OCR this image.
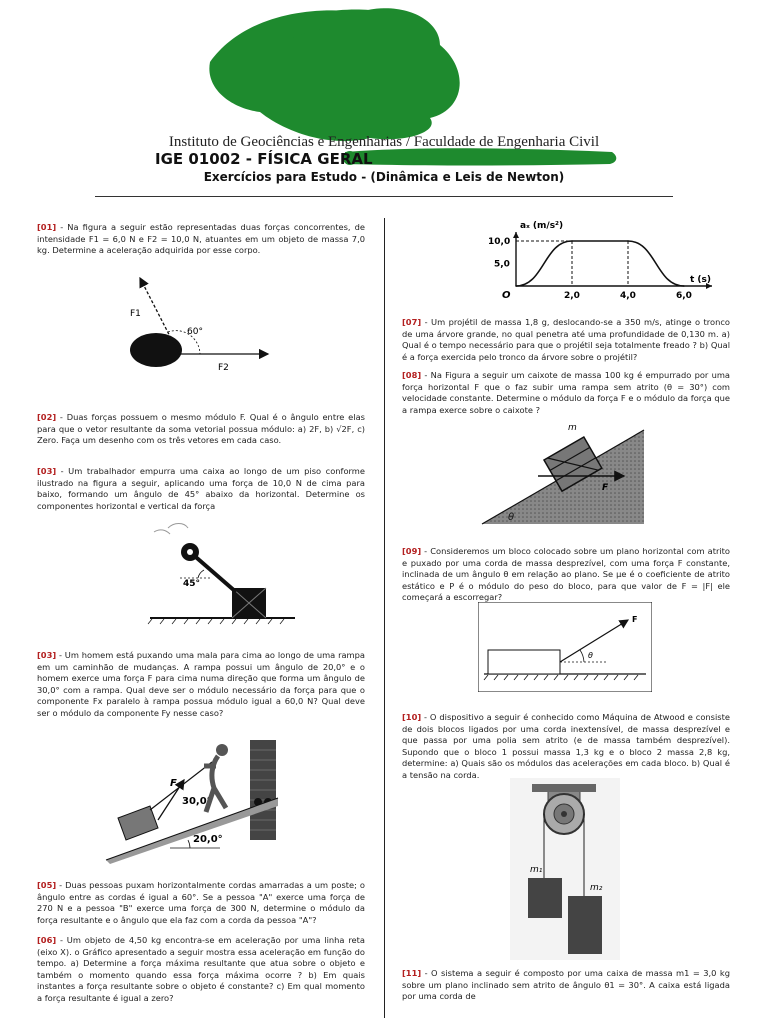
Instituto de Geociências e Engenharias / Faculdade de Engenharia Civil
IGE 01002 - FÍSICA GERAL
Exercícios para Estudo - (Dinâmica e Leis de Newton)
[01] - Na figura a seguir estão representadas duas forças concorrentes, de intensidade F1 = 6,0 N e F2 = 10,0 N, atuantes em um objeto de massa 7,0 kg. Determine a aceleração adquirida por esse corpo.
60°
F1
F2
[02] - Duas forças possuem o mesmo módulo F. Qual é o ângulo entre elas para que o vetor resultante da soma vetorial possua módulo: a) 2F, b) √2F, c) Zero. Faça um desenho com os três vetores em cada caso.
[03] - Um trabalhador empurra uma caixa ao longo de um piso conforme ilustrado na figura a seguir, aplicando uma força de 10,0 N de cima para baixo, formando um ângulo de 45° abaixo da horizontal. Determine os componentes horizontal e vertical da força
45°
[03] - Um homem está puxando uma mala para cima ao longo de uma rampa em um caminhão de mudanças. A rampa possui um ângulo de 20,0° e o homem exerce uma força F para cima numa direção que forma um ângulo de 30,0° com a rampa. Qual deve ser o módulo necessário da força para que o componente Fx paralelo à rampa possua módulo igual a 60,0 N? Qual deve ser o módulo da componente Fy nesse caso?
20,0°
F
30,0°
[05] - Duas pessoas puxam horizontalmente cordas amarradas a um poste; o ângulo entre as cordas é igual a 60°. Se a pessoa "A" exerce uma força de 270 N e a pessoa "B" exerce uma força de 300 N, determine o módulo da força resultante e o ângulo que ela faz com a corda da pessoa "A"?
[06] - Um objeto de 4,50 kg encontra-se em aceleração por uma linha reta (eixo X). o Gráfico apresentado a seguir mostra essa aceleração em função do tempo. a) Determine a força máxima resultante que atua sobre o objeto e também o momento quando essa força máxima ocorre ? b) Em quais instantes a força resultante sobre o objeto é constante? c) Em qual momento a força resultante é igual a zero?
aₓ (m/s²)
t (s)
O
10,0
5,0
2,0	4,0	6,0
[07] - Um projétil de massa 1,8 g, deslocando-se a 350 m/s, atinge o tronco de uma árvore grande, no qual penetra até uma profundidade de 0,130 m. a) Qual é o tempo necessário para que o projétil seja totalmente freado ? b) Qual é a força exercida pelo tronco da árvore sobre o projétil?
[08] - Na Figura a seguir um caixote de massa 100 kg é empurrado por uma força horizontal F que o faz subir uma rampa sem atrito (θ = 30°) com velocidade constante. Determine o módulo da força F e o módulo da força que a rampa exerce sobre o caixote ?
θ
m
F
[09] - Consideremos um bloco colocado sobre um plano horizontal com atrito e puxado por uma corda de massa desprezível, com uma força F constante, inclinada de um ângulo θ em relação ao plano. Se μe é o coeficiente de atrito estático e P é o módulo do peso do bloco, para que valor de F = |F| ele começará a escorregar?
θ
F
[10] - O dispositivo a seguir é conhecido como Máquina de Atwood e consiste de dois blocos ligados por uma corda inextensível, de massa desprezível e que passa por uma polia sem atrito (e de massa também desprezível). Supondo que o bloco 1 possui massa 1,3 kg e o bloco 2 massa 2,8 kg, determine: a) Quais são os módulos das acelerações em cada bloco. b) Qual é a tensão na corda.
m₁
m₂
[11] - O sistema a seguir é composto por uma caixa de massa m1 = 3,0 kg sobre um plano inclinado sem atrito de ângulo θ1 = 30°. A caixa está ligada por uma corda de
